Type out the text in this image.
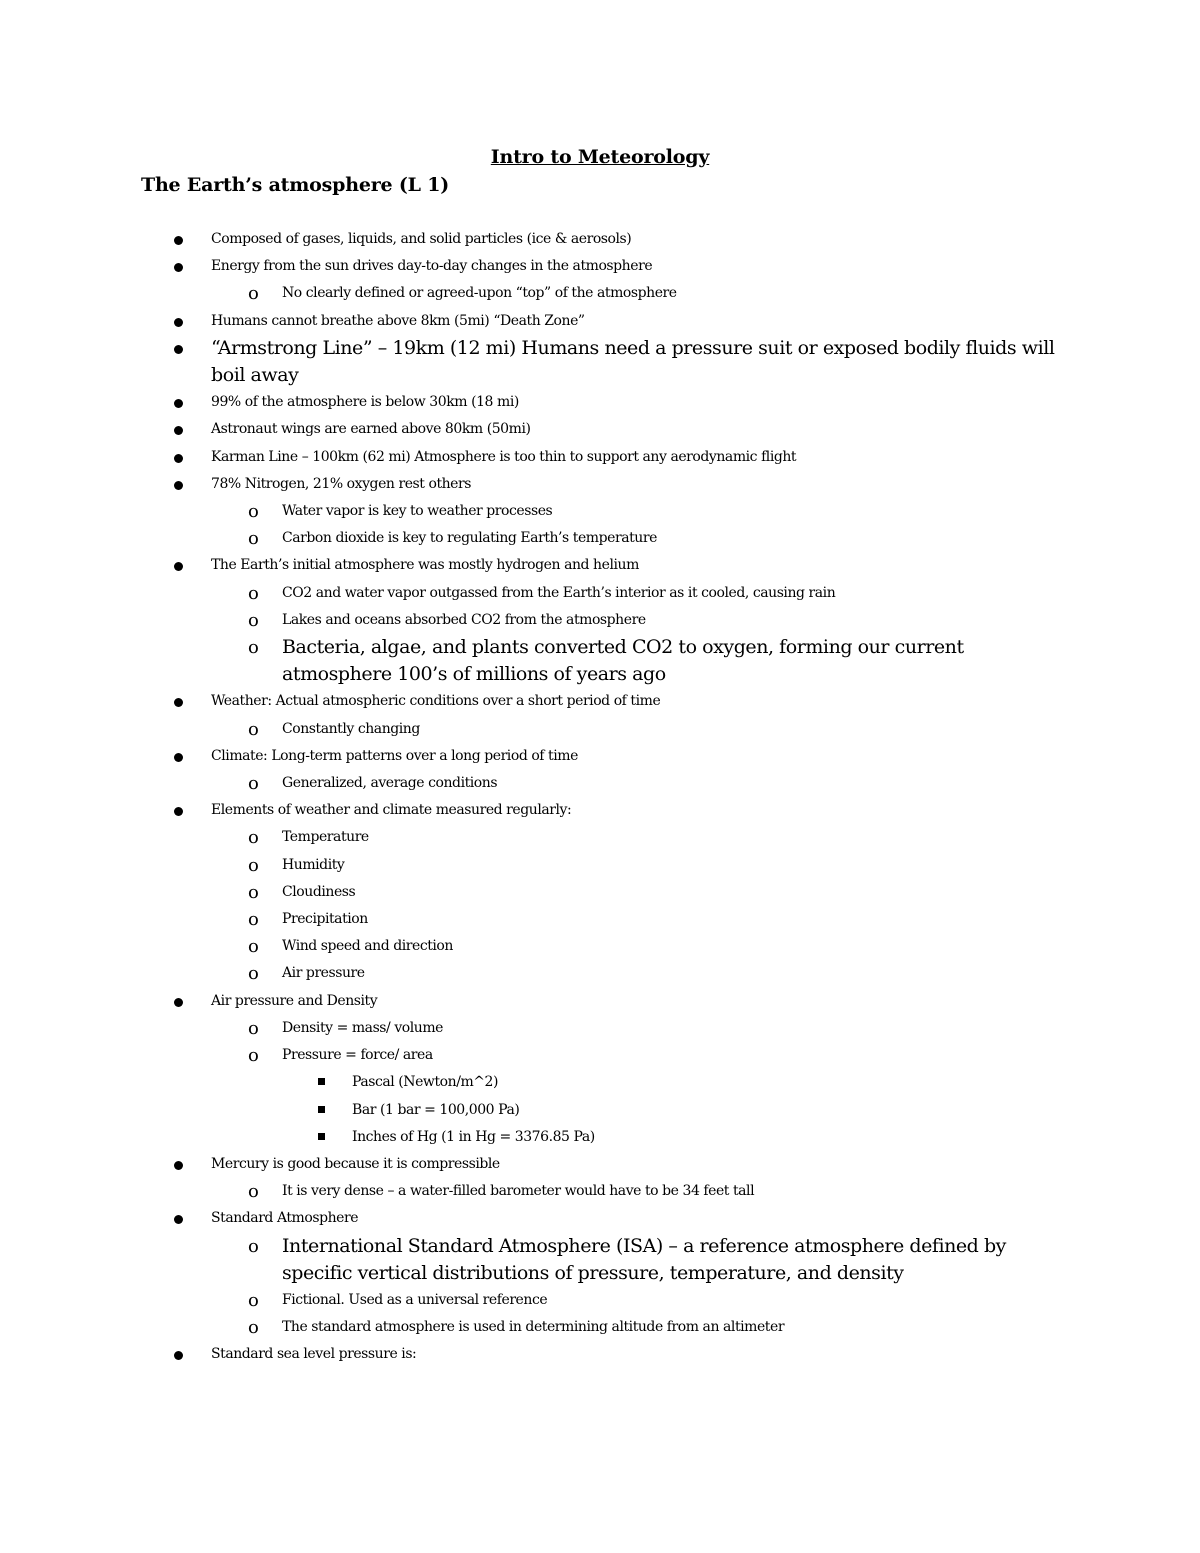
Intro to Meteorology
The Earth’s atmosphere (L 1)
Composed of gases, liquids, and solid particles (ice & aerosols)
Energy from the sun drives day-to-day changes in the atmosphere
o No clearly defined or agreed-upon “top” of the atmosphere
Humans cannot breathe above 8km (5mi) “Death Zone”
“Armstrong Line” – 19km (12 mi) Humans need a pressure suit or exposed bodily fluids will boil away
99% of the atmosphere is below 30km (18 mi)
Astronaut wings are earned above 80km (50mi)
Karman Line – 100km (62 mi) Atmosphere is too thin to support any aerodynamic flight
78% Nitrogen, 21% oxygen rest others
o Water vapor is key to weather processes
o Carbon dioxide is key to regulating Earth’s temperature
The Earth’s initial atmosphere was mostly hydrogen and helium
o CO2 and water vapor outgassed from the Earth’s interior as it cooled, causing rain
o Lakes and oceans absorbed CO2 from the atmosphere
o Bacteria, algae, and plants converted CO2 to oxygen, forming our current atmosphere 100’s of millions of years ago
Weather: Actual atmospheric conditions over a short period of time
o Constantly changing
Climate: Long-term patterns over a long period of time
o Generalized, average conditions
Elements of weather and climate measured regularly:
o Temperature
o Humidity
o Cloudiness
o Precipitation
o Wind speed and direction
o Air pressure
Air pressure and Density
o Density = mass/ volume
o Pressure = force/ area
Pascal (Newton/m^2)
Bar (1 bar = 100,000 Pa)
Inches of Hg (1 in Hg = 3376.85 Pa)
Mercury is good because it is compressible
o It is very dense – a water-filled barometer would have to be 34 feet tall
Standard Atmosphere
o International Standard Atmosphere (ISA) – a reference atmosphere defined by specific vertical distributions of pressure, temperature, and density
o Fictional. Used as a universal reference
o The standard atmosphere is used in determining altitude from an altimeter
Standard sea level pressure is:
